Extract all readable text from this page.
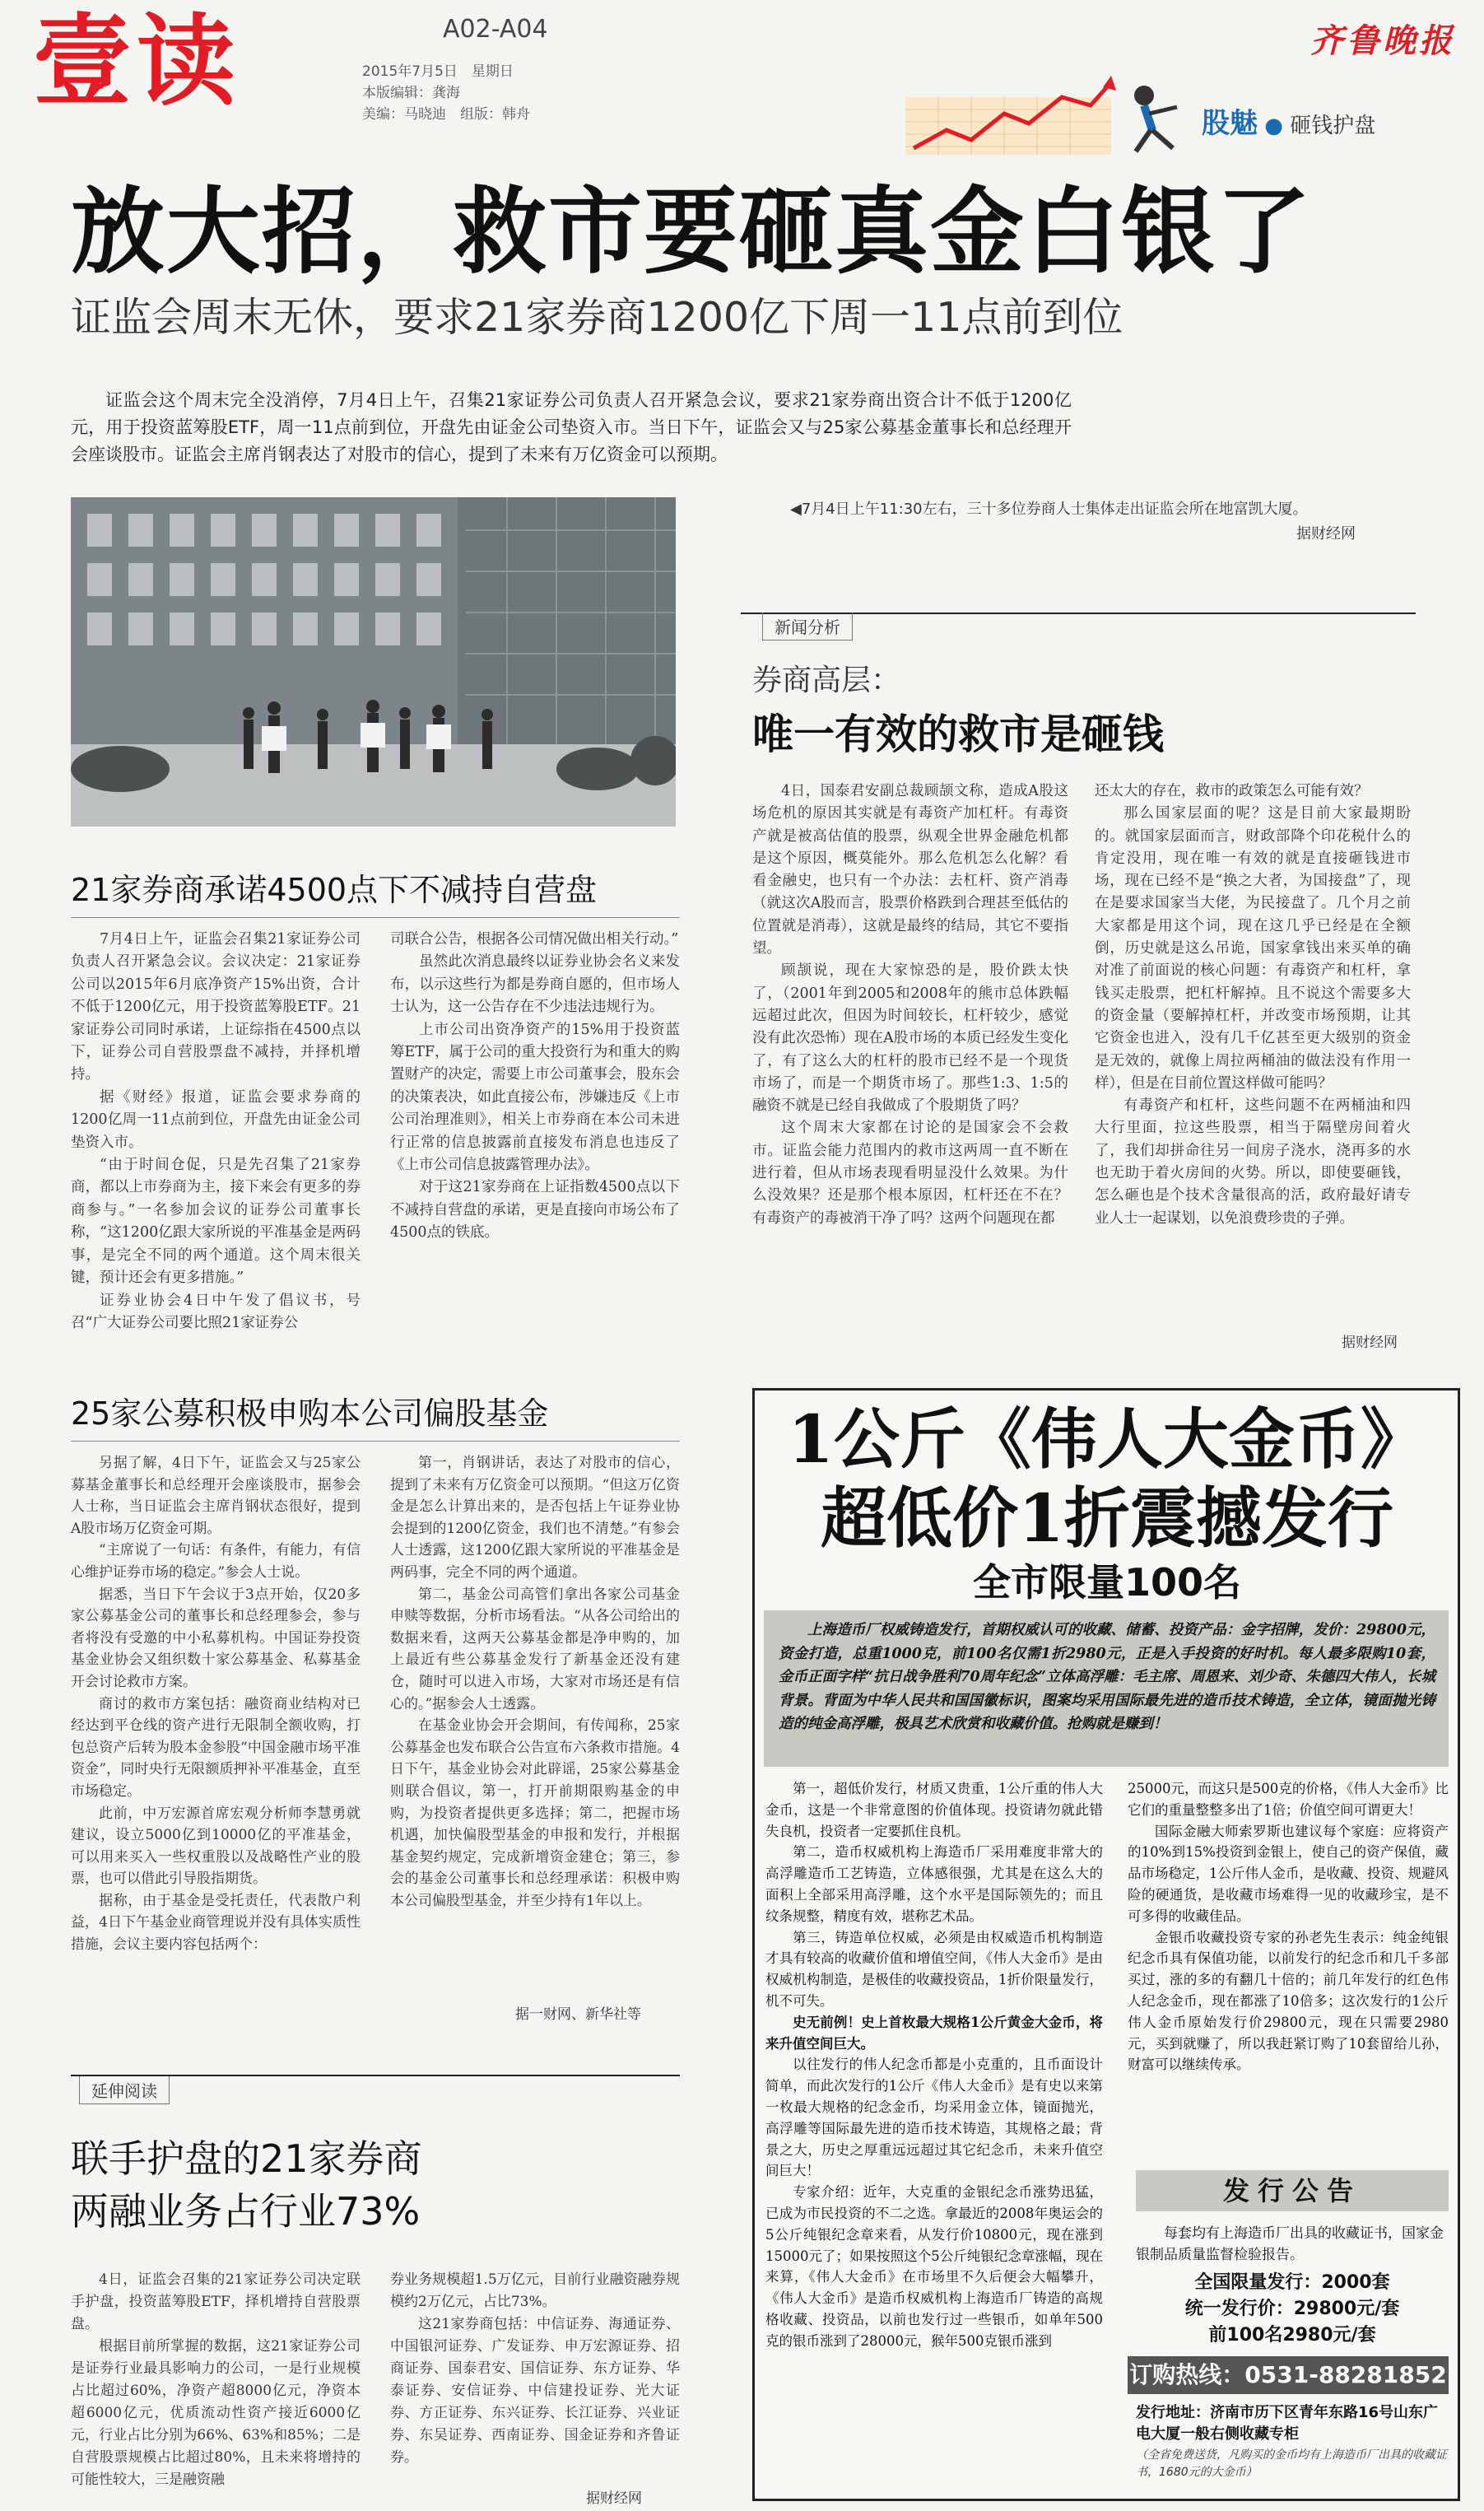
壹读	A02-A04
2015年7月5日　星期日
本版编辑：龚海
美编：马晓迪　组版：韩舟
齐鲁晚报
股魅 ● 砸钱护盘
放大招，救市要砸真金白银了
证监会周末无休，要求21家券商1200亿下周一11点前到位

证监会这个周末完全没消停，7月4日上午，召集21家证券公司负责人召开紧急会议，要求21家券商出资合计不低于1200亿元，用于投资蓝筹股ETF，周一11点前到位，开盘先由证金公司垫资入市。当日下午，证监会又与25家公募基金董事长和总经理开会座谈股市。证监会主席肖钢表达了对股市的信心，提到了未来有万亿资金可以预期。

◀7月4日上午11:30左右，三十多位券商人士集体走出证监会所在地富凯大厦。
据财经网
新闻分析
券商高层：
唯一有效的救市是砸钱

4日，国泰君安副总裁顾颉文称，造成A股这场危机的原因其实就是有毒资产加杠杆。有毒资产就是被高估值的股票，纵观全世界金融危机都是这个原因，概莫能外。那么危机怎么化解？看看金融史，也只有一个办法：去杠杆、资产消毒（就这次A股而言，股票价格跌到合理甚至低估的位置就是消毒），这就是最终的结局，其它不要指望。

顾颉说，现在大家惊恐的是，股价跌太快了，（2001年到2005和2008年的熊市总体跌幅远超过此次，但因为时间较长，杠杆较少，感觉没有此次恐怖）现在A股市场的本质已经发生变化了，有了这么大的杠杆的股市已经不是一个现货市场了，而是一个期货市场了。那些1:3、1:5的融资不就是已经自我做成了个股期货了吗？

这个周末大家都在讨论的是国家会不会救市。证监会能力范围内的救市这两周一直不断在进行着，但从市场表现看明显没什么效果。为什么没效果？还是那个根本原因，杠杆还在不在？有毒资产的毒被消干净了吗？这两个问题现在都

还太大的存在，救市的政策怎么可能有效？

那么国家层面的呢？这是目前大家最期盼的。就国家层面而言，财政部降个印花税什么的肯定没用，现在唯一有效的就是直接砸钱进市场，现在已经不是“换之大者，为国接盘”了，现在是要求国家当大佬，为民接盘了。几个月之前大家都是用这个词，现在这几乎已经是在全额倒，历史就是这么吊诡，国家拿钱出来买单的确对准了前面说的核心问题：有毒资产和杠杆，拿钱买走股票，把杠杆解掉。且不说这个需要多大的资金量（要解掉杠杆，并改变市场预期，让其它资金也进入，没有几千亿甚至更大级别的资金是无效的，就像上周拉两桶油的做法没有作用一样），但是在目前位置这样做可能吗？

有毒资产和杠杆，这些问题不在两桶油和四大行里面，拉这些股票，相当于隔壁房间着火了，我们却拼命往另一间房子浇水，浇再多的水也无助于着火房间的火势。所以，即使要砸钱，怎么砸也是个技术含量很高的活，政府最好请专业人士一起谋划，以免浪费珍贵的子弹。

据财经网
21家券商承诺4500点下不减持自营盘

7月4日上午，证监会召集21家证券公司负责人召开紧急会议。会议决定：21家证券公司以2015年6月底净资产15%出资，合计不低于1200亿元，用于投资蓝筹股ETF。21家证券公司同时承诺，上证综指在4500点以下，证券公司自营股票盘不减持，并择机增持。

据《财经》报道，证监会要求券商的1200亿周一11点前到位，开盘先由证金公司垫资入市。

“由于时间仓促，只是先召集了21家券商，都以上市券商为主，接下来会有更多的券商参与。”一名参加会议的证券公司董事长称，“这1200亿跟大家所说的平准基金是两码事，是完全不同的两个通道。这个周末很关键，预计还会有更多措施。”

证券业协会4日中午发了倡议书，号召“广大证券公司要比照21家证券公

司联合公告，根据各公司情况做出相关行动。”

虽然此次消息最终以证券业协会名义来发布，以示这些行为都是券商自愿的，但市场人士认为，这一公告存在不少违法违规行为。

上市公司出资净资产的15%用于投资蓝筹ETF，属于公司的重大投资行为和重大的购置财产的决定，需要上市公司董事会，股东会的决策表决，如此直接公布，涉嫌违反《上市公司治理准则》，相关上市券商在本公司未进行正常的信息披露前直接发布消息也违反了《上市公司信息披露管理办法》。

对于这21家券商在上证指数4500点以下不减持自营盘的承诺，更是直接向市场公布了4500点的铁底。

25家公募积极申购本公司偏股基金

另据了解，4日下午，证监会又与25家公募基金董事长和总经理开会座谈股市，据参会人士称，当日证监会主席肖钢状态很好，提到A股市场万亿资金可期。

“主席说了一句话：有条件，有能力，有信心维护证券市场的稳定。”参会人士说。

据悉，当日下午会议于3点开始，仅20多家公募基金公司的董事长和总经理参会，参与者将没有受邀的中小私募机构。中国证券投资基金业协会又组织数十家公募基金、私募基金开会讨论救市方案。

商讨的救市方案包括：融资商业结构对已经达到平仓线的资产进行无限制全额收购，打包总资产后转为股本金参股“中国金融市场平准资金”，同时央行无限额质押补平准基金，直至市场稳定。

此前，中万宏源首席宏观分析师李慧勇就建议，设立5000亿到10000亿的平准基金，可以用来买入一些权重股以及战略性产业的股票，也可以借此引导股指期货。

据称，由于基金是受托责任，代表散户利益，4日下午基金业商管理说并没有具体实质性措施，会议主要内容包括两个：

第一，肖钢讲话，表达了对股市的信心，提到了未来有万亿资金可以预期。“但这万亿资金是怎么计算出来的，是否包括上午证券业协会提到的1200亿资金，我们也不清楚。”有参会人士透露，这1200亿跟大家所说的平准基金是两码事，完全不同的两个通道。

第二，基金公司高管们拿出各家公司基金申赎等数据，分析市场看法。“从各公司给出的数据来看，这两天公募基金都是净申购的，加上最近有些公募基金发行了新基金还没有建仓，随时可以进入市场，大家对市场还是有信心的。”据参会人士透露。

在基金业协会开会期间，有传闻称，25家公募基金也发布联合公告宣布六条救市措施。4日下午，基金业协会对此辟谣，25家公募基金则联合倡议，第一，打开前期限购基金的申购，为投资者提供更多选择；第二，把握市场机遇，加快偏股型基金的申报和发行，并根据基金契约规定，完成新增资金建仓；第三，参会的基金公司董事长和总经理承诺：积极申购本公司偏股型基金，并至少持有1年以上。

据一财网、新华社等
延伸阅读
联手护盘的21家券商
两融业务占行业73%

4日，证监会召集的21家证券公司决定联手护盘，投资蓝筹股ETF，择机增持自营股票盘。

根据目前所掌握的数据，这21家证券公司是证券行业最具影响力的公司，一是行业规模占比超过60%，净资产超8000亿元，净资本超6000亿元，优质流动性资产接近6000亿元，行业占比分别为66%、63%和85%；二是自营股票规模占比超过80%，且未来将增持的可能性较大，三是融资融

券业务规模超1.5万亿元，目前行业融资融券规模约2万亿元，占比73%。

这21家券商包括：中信证券、海通证券、中国银河证券、广发证券、申万宏源证券、招商证券、国泰君安、国信证券、东方证券、华泰证券、安信证券、中信建投证券、光大证券、方正证券、东兴证券、长江证券、兴业证券、东吴证券、西南证券、国金证券和齐鲁证券。

据财经网
1公斤《伟人大金币》
超低价1折震撼发行
全市限量100名

上海造币厂权威铸造发行，首期权威认可的收藏、储蓄、投资产品：金字招牌，发价：29800元，资金打造，总重1000克，前100名仅需1折2980元，正是入手投资的好时机。每人最多限购10套，金币正面字样“抗日战争胜利70周年纪念”立体高浮雕：毛主席、周恩来、刘少奇、朱德四大伟人，长城背景。背面为中华人民共和国国徽标识，图案均采用国际最先进的造币技术铸造，全立体，镜面抛光铸造的纯金高浮雕，极具艺术欣赏和收藏价值。抢购就是赚到！

第一，超低价发行，材质又贵重，1公斤重的伟人大金币，这是一个非常意图的价值体现。投资请勿就此错失良机，投资者一定要抓住良机。

第二，造币权威机构上海造币厂采用难度非常大的高浮雕造币工艺铸造，立体感很强，尤其是在这么大的面积上全部采用高浮雕，这个水平是国际领先的；而且纹条规整，精度有效，堪称艺术品。

第三，铸造单位权威，必须是由权威造币机构制造才具有较高的收藏价值和增值空间，《伟人大金币》是由权威机构制造，是极佳的收藏投资品，1折价限量发行，机不可失。

史无前例！史上首枚最大规格1公斤黄金大金币，将来升值空间巨大。

以往发行的伟人纪念币都是小克重的，且币面设计简单，而此次发行的1公斤《伟人大金币》是有史以来第一枚最大规格的纪念金币，均采用金立体，镜面抛光，高浮雕等国际最先进的造币技术铸造，其规格之最；背景之大，历史之厚重远远超过其它纪念币，未来升值空间巨大！

专家介绍：近年，大克重的金银纪念币涨势迅猛，已成为市民投资的不二之选。拿最近的2008年奥运会的5公斤纯银纪念章来看，从发行价10800元，现在涨到15000元了；如果按照这个5公斤纯银纪念章涨幅，现在来算，《伟人大金币》在市场里不久后便会大幅攀升，《伟人大金币》是造币权威机构上海造币厂铸造的高规格收藏、投资品，以前也发行过一些银币，如单年500克的银币涨到了28000元，猴年500克银币涨到

25000元，而这只是500克的价格，《伟人大金币》比它们的重量整整多出了1倍；价值空间可谓更大！

国际金融大师索罗斯也建议每个家庭：应将资产的10%到15%投资到金银上，使自己的资产保值，藏品市场稳定，1公斤伟人金币，是收藏、投资、规避风险的硬通货，是收藏市场难得一见的收藏珍宝，是不可多得的收藏佳品。

金银币收藏投资专家的孙老先生表示：纯金纯银纪念币具有保值功能，以前发行的纪念币和几千多部买过，涨的多的有翻几十倍的；前几年发行的红色伟人纪念金币，现在都涨了10倍多；这次发行的1公斤伟人金币原始发行价29800元，现在只需要2980元，买到就赚了，所以我赶紧订购了10套留给儿孙，财富可以继续传承。

发行公告
每套均有上海造币厂出具的收藏证书，国家金银制品质量监督检验报告。
全国限量发行：2000套
统一发行价：29800元/套
前100名2980元/套
订购热线：0531-88281852
发行地址：济南市历下区青年东路16号山东广电大厦一般右侧收藏专柜
（全省免费送货，凡购买的金币均有上海造币厂出具的收藏证书，1680元的大金币）
